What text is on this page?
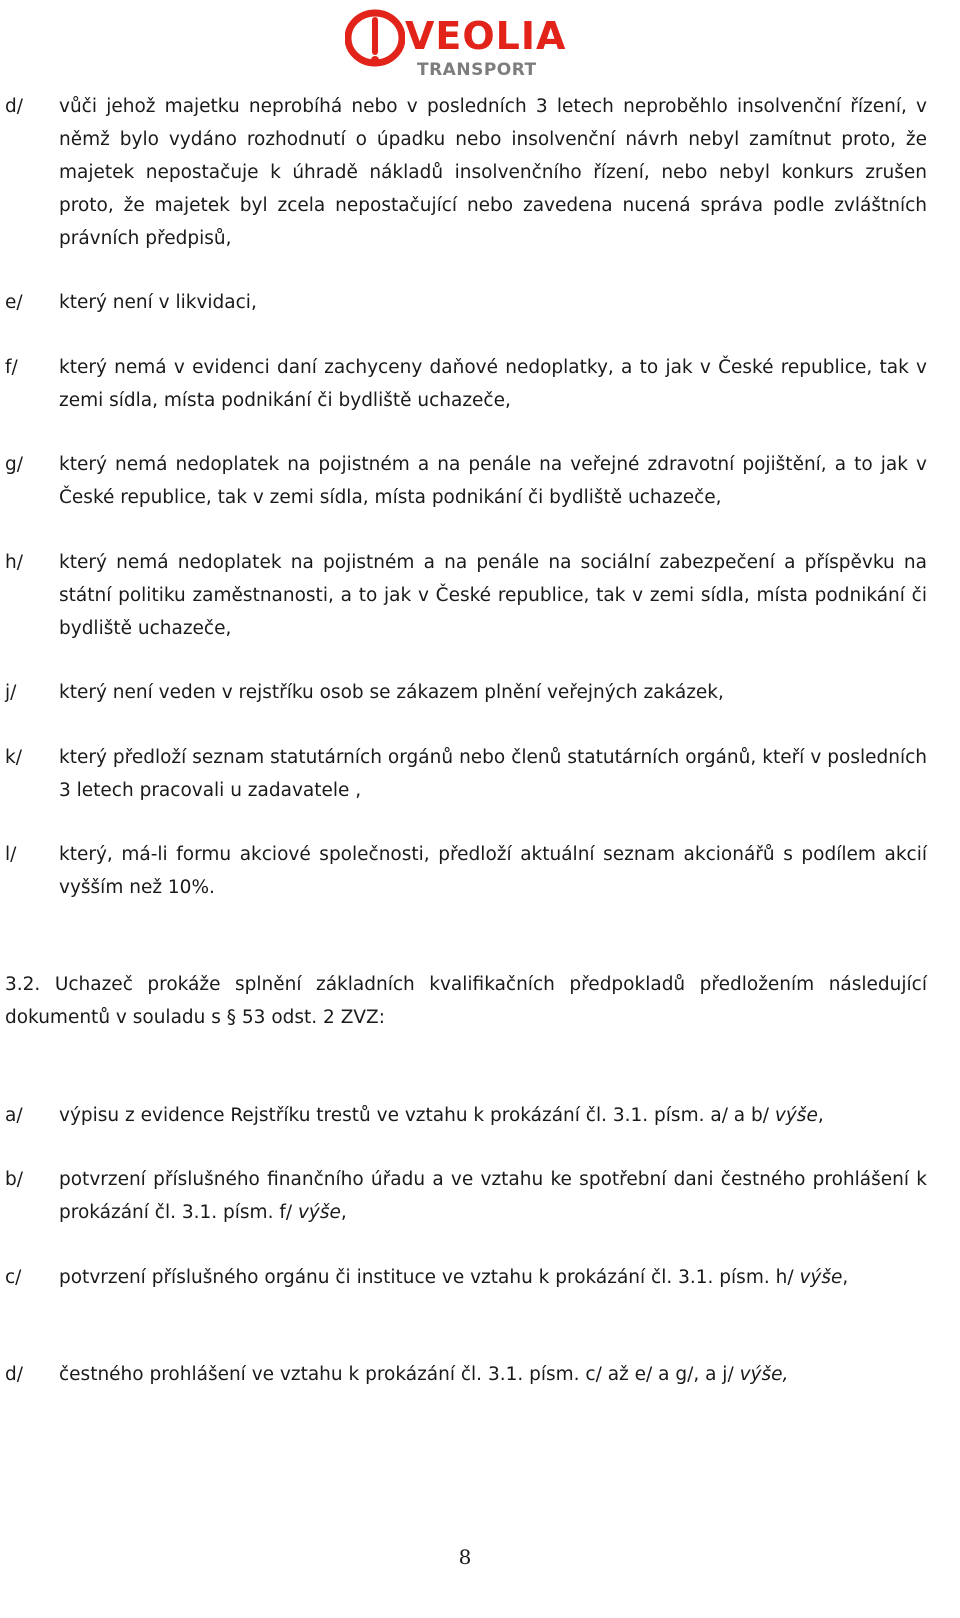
VEOLIA
TRANSPORT
d/ vůči jehož majetku neprobíhá nebo v posledních 3 letech neproběhlo insolvenční řízení, v němž bylo vydáno rozhodnutí o úpadku nebo insolvenční návrh nebyl zamítnut proto, že majetek nepostačuje k úhradě nákladů insolvenčního řízení, nebo nebyl konkurs zrušen proto, že majetek byl zcela nepostačující nebo zavedena nucená správa podle zvláštních právních předpisů,
e/ který není v likvidaci,
f/ který nemá v evidenci daní zachyceny daňové nedoplatky, a to jak v České republice, tak v zemi sídla, místa podnikání či bydliště uchazeče,
g/ který nemá nedoplatek na pojistném a na penále na veřejné zdravotní pojištění, a to jak v České republice, tak v zemi sídla, místa podnikání či bydliště uchazeče,
h/ který nemá nedoplatek na pojistném a na penále na sociální zabezpečení a příspěvku na státní politiku zaměstnanosti, a to jak v České republice, tak v zemi sídla, místa podnikání či bydliště uchazeče,
j/ který není veden v rejstříku osob se zákazem plnění veřejných zakázek,
k/ který předloží seznam statutárních orgánů nebo členů statutárních orgánů, kteří v posledních 3 letech pracovali u zadavatele ,
l/ který, má-li formu akciové společnosti, předloží aktuální seznam akcionářů s podílem akcií vyšším než 10%.
3.2. Uchazeč prokáže splnění základních kvalifikačních předpokladů předložením následující dokumentů v souladu s § 53 odst. 2 ZVZ:
a/ výpisu z evidence Rejstříku trestů ve vztahu k prokázání čl. 3.1. písm. a/ a b/ výše,
b/ potvrzení příslušného finančního úřadu a ve vztahu ke spotřební dani čestného prohlášení k prokázání čl. 3.1. písm. f/ výše,
c/ potvrzení příslušného orgánu či instituce ve vztahu k prokázání čl. 3.1. písm. h/ výše,
d/ čestného prohlášení ve vztahu k prokázání čl. 3.1. písm. c/ až e/ a g/, a j/ výše,
8
